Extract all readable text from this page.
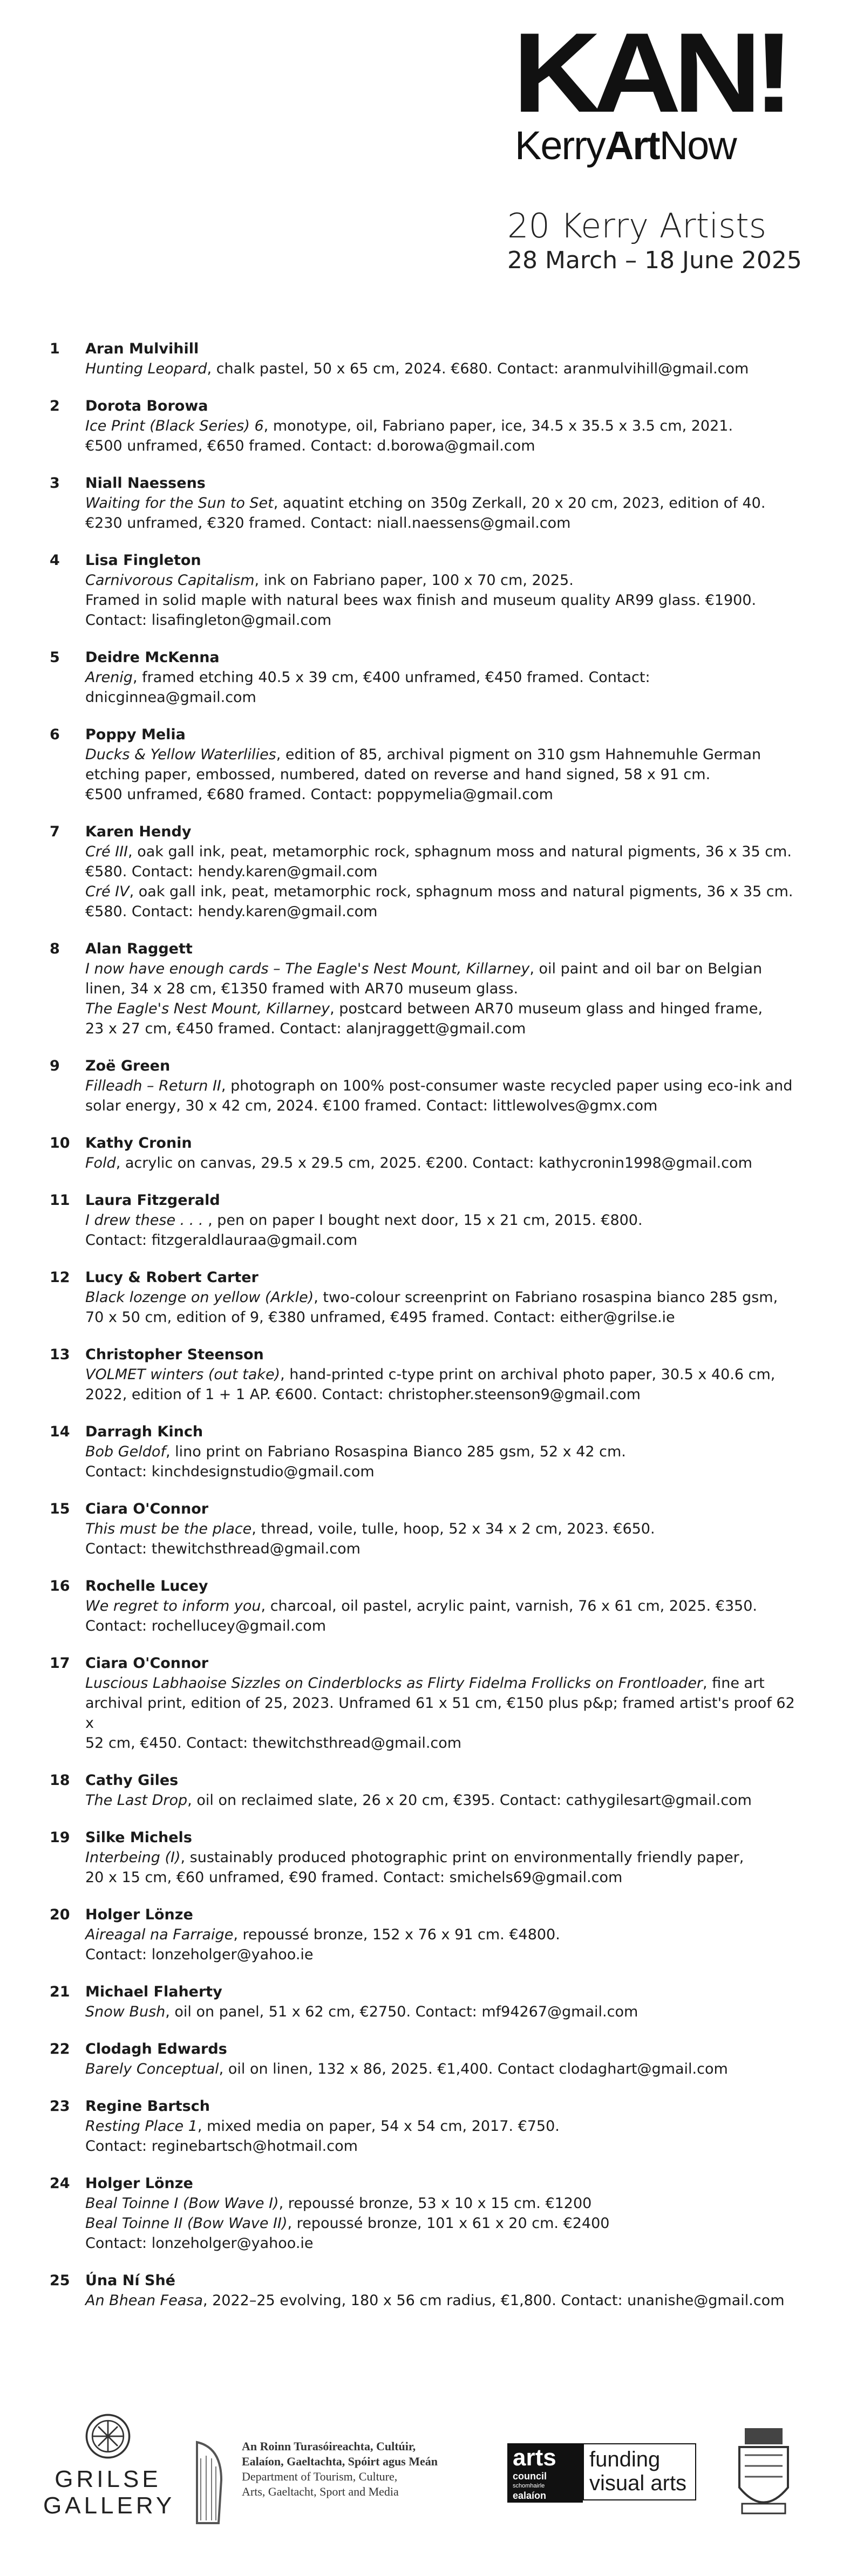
KAN!
KerryArtNow
20 Kerry Artists
28 March – 18 June 2025
1 Aran Mulvihill
Hunting Leopard, chalk pastel, 50 x 65 cm, 2024. €680. Contact: aranmulvihill@gmail.com
2 Dorota Borowa
Ice Print (Black Series) 6, monotype, oil, Fabriano paper, ice, 34.5 x 35.5 x 3.5 cm, 2021.
€500 unframed, €650 framed. Contact: d.borowa@gmail.com
3 Niall Naessens
Waiting for the Sun to Set, aquatint etching on 350g Zerkall, 20 x 20 cm, 2023, edition of 40.
€230 unframed, €320 framed. Contact: niall.naessens@gmail.com
4 Lisa Fingleton
Carnivorous Capitalism, ink on Fabriano paper, 100 x 70 cm, 2025.
Framed in solid maple with natural bees wax finish and museum quality AR99 glass. €1900.
Contact: lisafingleton@gmail.com
5 Deidre McKenna
Arenig, framed etching 40.5 x 39 cm, €400 unframed, €450 framed. Contact: dnicginnea@gmail.com
6 Poppy Melia
Ducks & Yellow Waterlilies, edition of 85, archival pigment on 310 gsm Hahnemuhle German
etching paper, embossed, numbered, dated on reverse and hand signed, 58 x 91 cm.
€500 unframed, €680 framed. Contact: poppymelia@gmail.com
7 Karen Hendy
Cré III, oak gall ink, peat, metamorphic rock, sphagnum moss and natural pigments, 36 x 35 cm.
€580. Contact: hendy.karen@gmail.com
Cré IV, oak gall ink, peat, metamorphic rock, sphagnum moss and natural pigments, 36 x 35 cm.
€580. Contact: hendy.karen@gmail.com
8 Alan Raggett
I now have enough cards – The Eagle's Nest Mount, Killarney, oil paint and oil bar on Belgian
linen, 34 x 28 cm, €1350 framed with AR70 museum glass.
The Eagle's Nest Mount, Killarney, postcard between AR70 museum glass and hinged frame,
23 x 27 cm, €450 framed. Contact: alanjraggett@gmail.com
9 Zoë Green
Filleadh – Return II, photograph on 100% post-consumer waste recycled paper using eco-ink and
solar energy, 30 x 42 cm, 2024. €100 framed. Contact: littlewolves@gmx.com
10 Kathy Cronin
Fold, acrylic on canvas, 29.5 x 29.5 cm, 2025. €200. Contact: kathycronin1998@gmail.com
11 Laura Fitzgerald
I drew these . . . , pen on paper I bought next door, 15 x 21 cm, 2015. €800.
Contact: fitzgeraldlauraa@gmail.com
12 Lucy & Robert Carter
Black lozenge on yellow (Arkle), two-colour screenprint on Fabriano rosaspina bianco 285 gsm,
70 x 50 cm, edition of 9, €380 unframed, €495 framed. Contact: either@grilse.ie
13 Christopher Steenson
VOLMET winters (out take), hand-printed c-type print on archival photo paper, 30.5 x 40.6 cm,
2022, edition of 1 + 1 AP. €600. Contact: christopher.steenson9@gmail.com
14 Darragh Kinch
Bob Geldof, lino print on Fabriano Rosaspina Bianco 285 gsm, 52 x 42 cm.
Contact: kinchdesignstudio@gmail.com
15 Ciara O'Connor
This must be the place, thread, voile, tulle, hoop, 52 x 34 x 2 cm, 2023. €650.
Contact: thewitchsthread@gmail.com
16 Rochelle Lucey
We regret to inform you, charcoal, oil pastel, acrylic paint, varnish, 76 x 61 cm, 2025. €350.
Contact: rochellucey@gmail.com
17 Ciara O'Connor
Luscious Labhaoise Sizzles on Cinderblocks as Flirty Fidelma Frollicks on Frontloader, fine art
archival print, edition of 25, 2023. Unframed 61 x 51 cm, €150 plus p&p; framed artist's proof 62 x
52 cm, €450. Contact: thewitchsthread@gmail.com
18 Cathy Giles
The Last Drop, oil on reclaimed slate, 26 x 20 cm, €395. Contact: cathygilesart@gmail.com
19 Silke Michels
Interbeing (I), sustainably produced photographic print on environmentally friendly paper,
20 x 15 cm, €60 unframed, €90 framed. Contact: smichels69@gmail.com
20 Holger Lönze
Aireagal na Farraige, repoussé bronze, 152 x 76 x 91 cm. €4800.
Contact: lonzeholger@yahoo.ie
21 Michael Flaherty
Snow Bush, oil on panel, 51 x 62 cm, €2750. Contact: mf94267@gmail.com
22 Clodagh Edwards
Barely Conceptual, oil on linen, 132 x 86, 2025. €1,400. Contact clodaghart@gmail.com
23 Regine Bartsch
Resting Place 1, mixed media on paper, 54 x 54 cm, 2017. €750.
Contact: reginebartsch@hotmail.com
24 Holger Lönze
Beal Toinne I (Bow Wave I), repoussé bronze, 53 x 10 x 15 cm. €1200
Beal Toinne II (Bow Wave II), repoussé bronze, 101 x 61 x 20 cm. €2400
Contact: lonzeholger@yahoo.ie
25 Úna Ní Shé
An Bhean Feasa, 2022–25 evolving, 180 x 56 cm radius, €1,800. Contact: unanishe@gmail.com
GRILSE
GALLERY
An Roinn Turasóireachta, Cultúir,
Ealaíon, Gaeltachta, Spóirt agus Meán
Department of Tourism, Culture,
Arts, Gaeltacht, Sport and Media
arts
council
schomhairle
ealaíon
funding
visual arts
